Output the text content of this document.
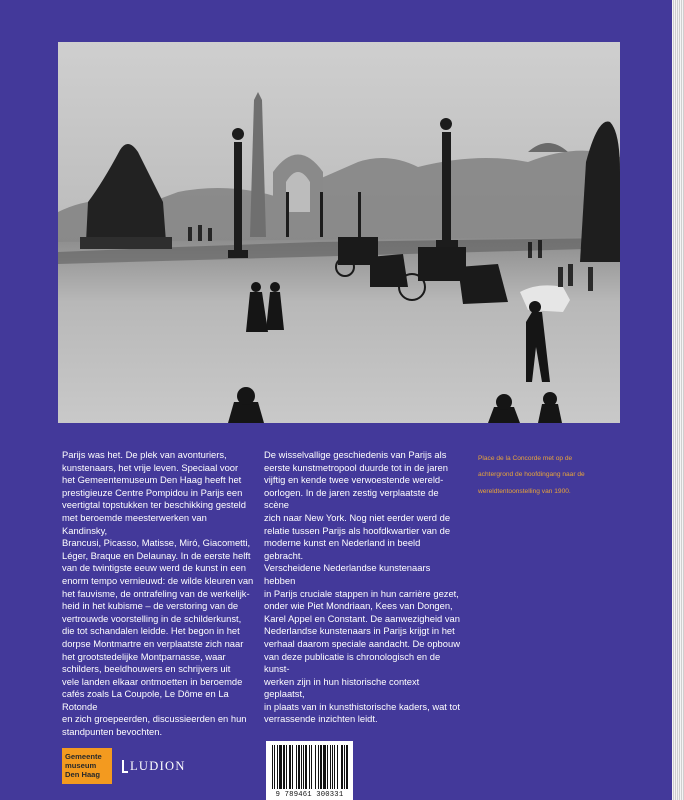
Place de la Concorde met op de

achtergrond de hoofdingang naar de

wereldtentoonstelling van 1900.

Parijs was het. De plek van avonturiers,

kunstenaars, het vrije leven. Speciaal voor

het Gemeentemuseum Den Haag heeft het

prestigieuze Centre Pompidou in Parijs een

veertigtal topstukken ter beschikking gesteld

met beroemde meesterwerken van Kandinsky,

Brancusi, Picasso, Matisse, Miró, Giacometti,

Léger, Braque en Delaunay. In de eerste helft

van de twintigste eeuw werd de kunst in een

enorm tempo vernieuwd: de wilde kleuren van

het fauvisme, de ontrafeling van de werkelijk-

heid in het kubisme – de verstoring van de

vertrouwde voorstelling in de schilderkunst,

die tot schandalen leidde. Het begon in het

dorpse Montmartre en verplaatste zich naar

het grootstedelijke Montparnasse, waar

schilders, beeldhouwers en schrijvers uit

vele landen elkaar ontmoetten in beroemde

cafés zoals La Coupole, Le Dôme en La Rotonde

en zich groepeerden, discussieerden en hun

standpunten bevochten.

De wisselvallige geschiedenis van Parijs als

eerste kunstmetropool duurde tot in de jaren

vijftig en kende twee verwoestende wereld-

oorlogen. In de jaren zestig verplaatste de scène

zich naar New York. Nog niet eerder werd de

relatie tussen Parijs als hoofdkwartier van de

moderne kunst en Nederland in beeld gebracht.

Verscheidene Nederlandse kunstenaars hebben

in Parijs cruciale stappen in hun carrière gezet,

onder wie Piet Mondriaan, Kees van Dongen,

Karel Appel en Constant. De aanwezigheid van

Nederlandse kunstenaars in Parijs krijgt in het

verhaal daarom speciale aandacht. De opbouw

van deze publicatie is chronologisch en de kunst-

werken zijn in hun historische context geplaatst,

in plaats van in kunsthistorische kaders, wat tot

verrassende inzichten leidt.

Gemeente
museum
Den Haag
LUDION
9 789461 300331
